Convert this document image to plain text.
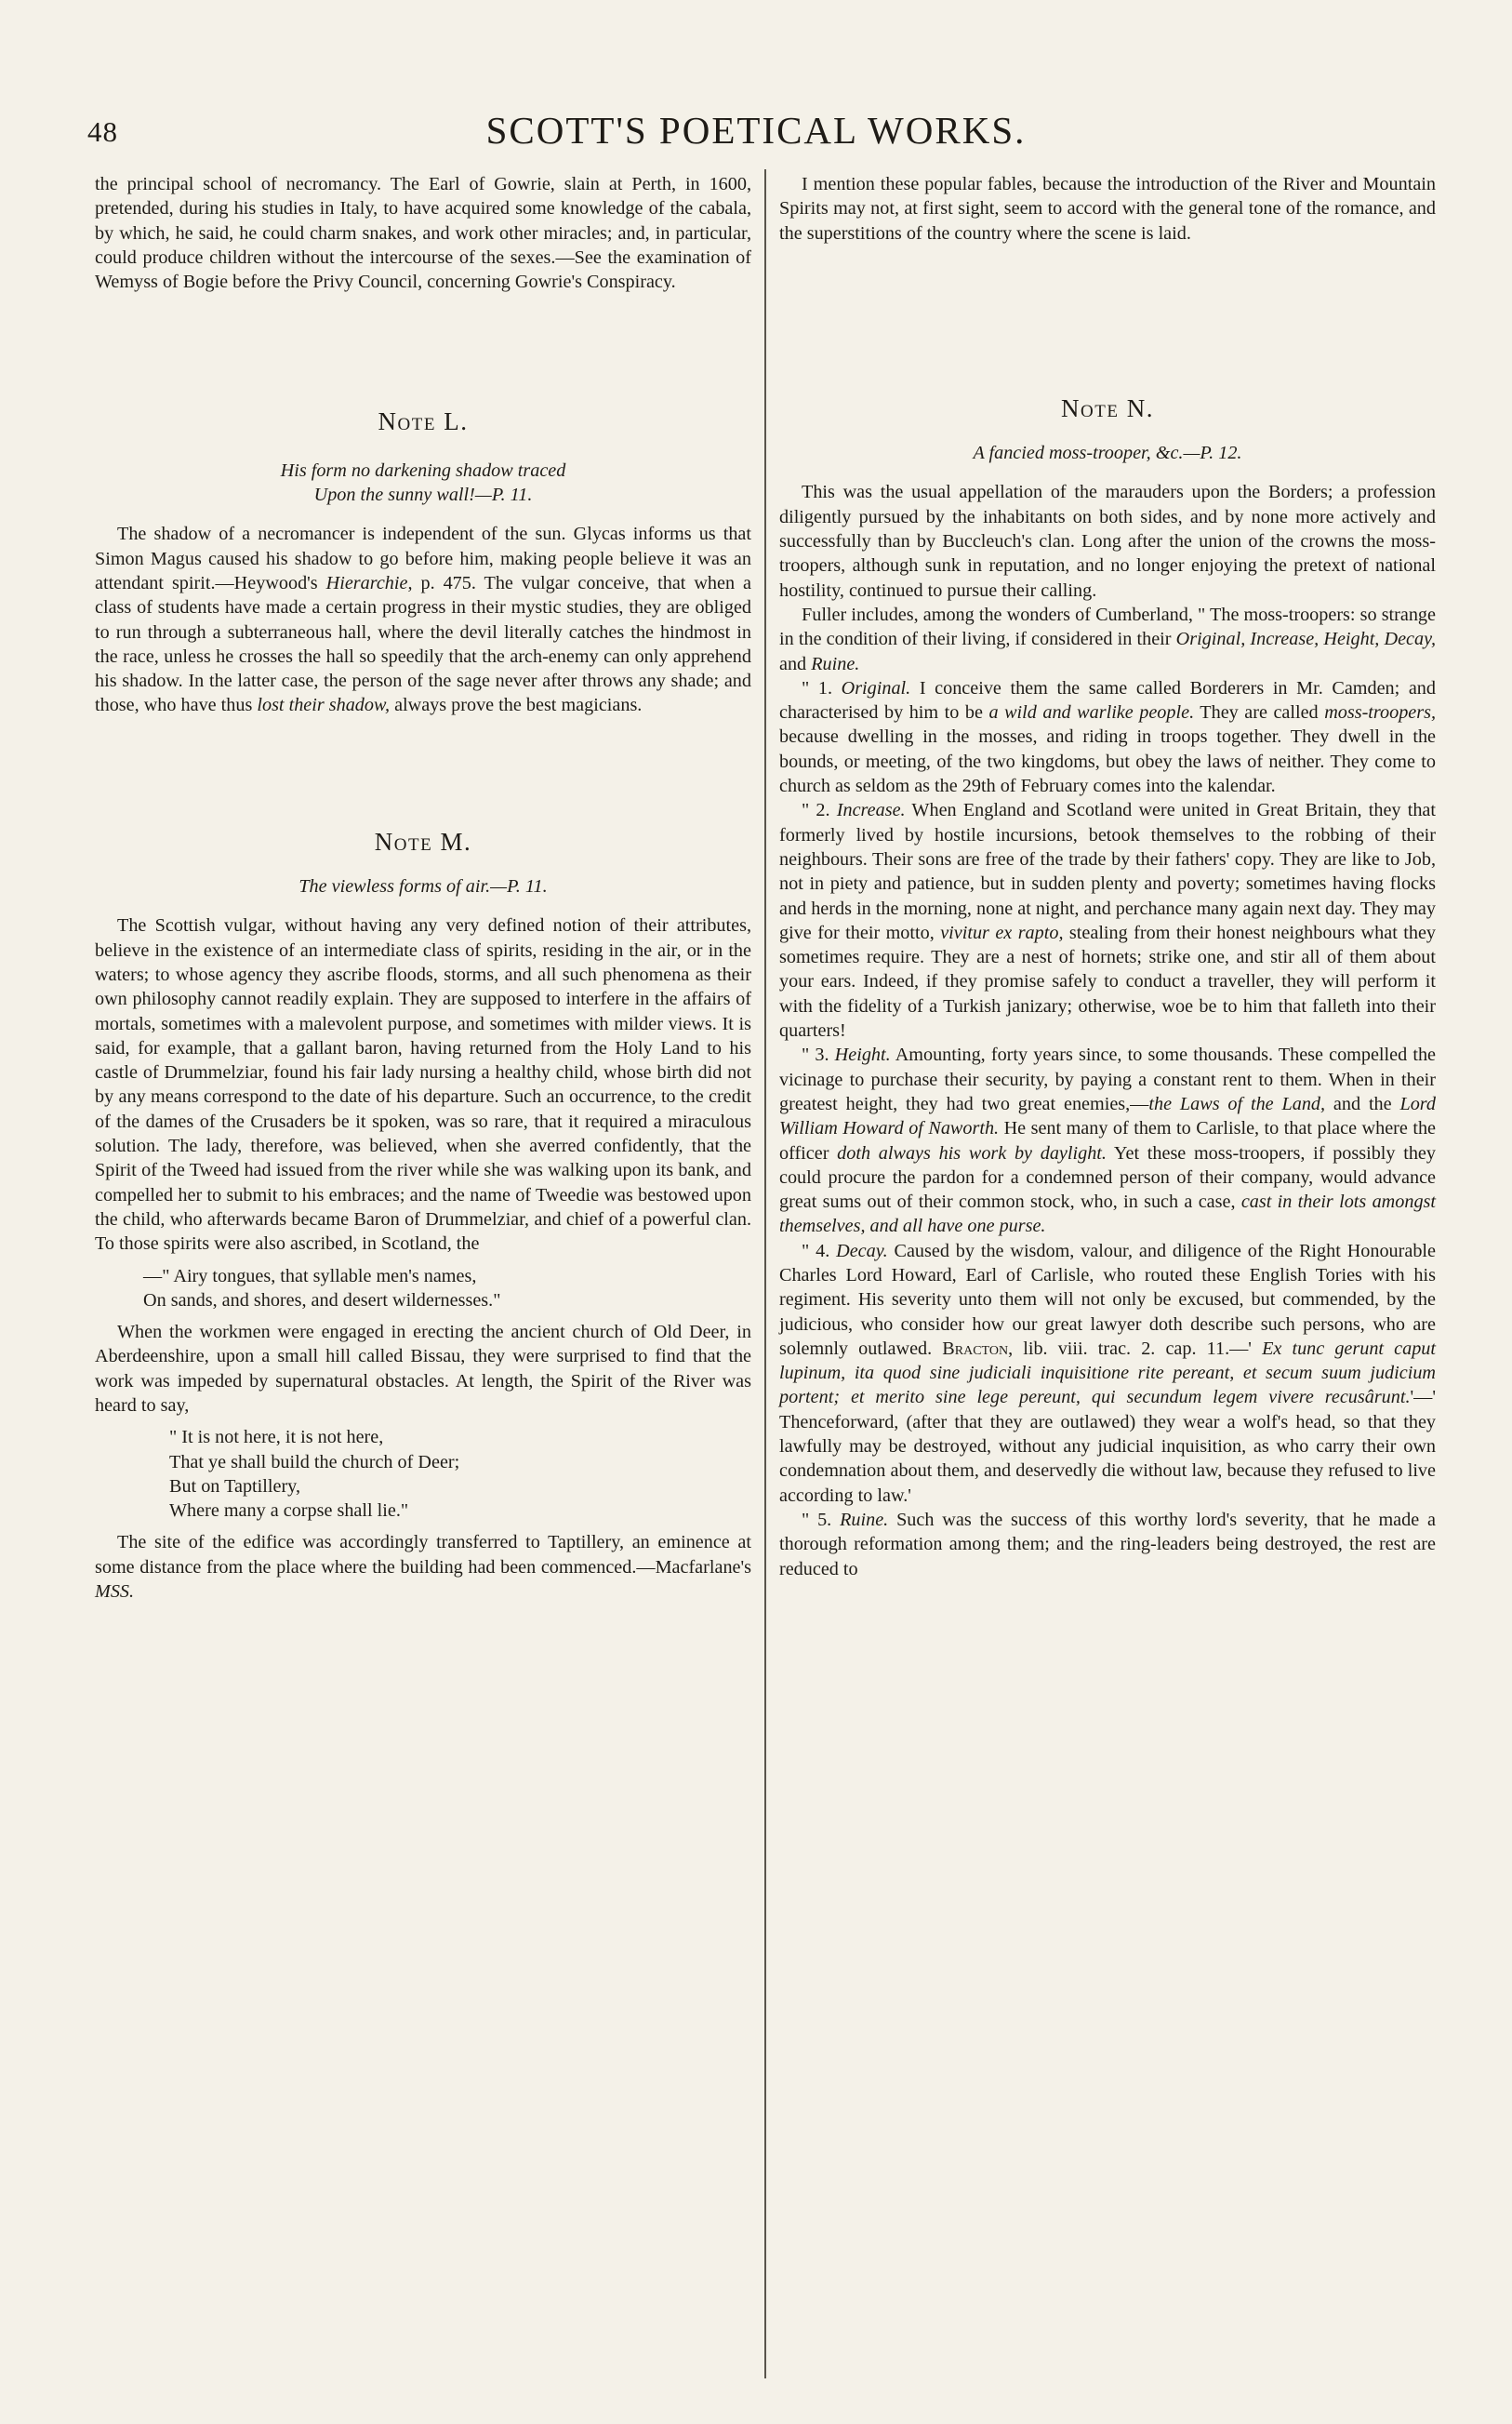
48	SCOTT'S POETICAL WORKS.

the principal school of necromancy. The Earl of Gowrie, slain at Perth, in 1600, pretended, during his studies in Italy, to have acquired some knowledge of the cabala, by which, he said, he could charm snakes, and work other miracles; and, in particular, could produce children without the intercourse of the sexes.—See the examination of Wemyss of Bogie before the Privy Council, concerning Gowrie's Conspiracy.

Note L.

His form no darkening shadow traced

Upon the sunny wall!—P. 11.

The shadow of a necromancer is independent of the sun. Glycas informs us that Simon Magus caused his shadow to go before him, making people believe it was an attendant spirit.—Heywood's Hierarchie, p. 475. The vulgar conceive, that when a class of students have made a certain progress in their mystic studies, they are obliged to run through a subterraneous hall, where the devil literally catches the hindmost in the race, unless he crosses the hall so speedily that the arch-enemy can only apprehend his shadow. In the latter case, the person of the sage never after throws any shade; and those, who have thus lost their shadow, always prove the best magicians.

Note M.

The viewless forms of air.—P. 11.

The Scottish vulgar, without having any very defined notion of their attributes, believe in the existence of an intermediate class of spirits, residing in the air, or in the waters; to whose agency they ascribe floods, storms, and all such phenomena as their own philosophy cannot readily explain. They are supposed to interfere in the affairs of mortals, sometimes with a malevolent purpose, and sometimes with milder views. It is said, for example, that a gallant baron, having returned from the Holy Land to his castle of Drummelziar, found his fair lady nursing a healthy child, whose birth did not by any means correspond to the date of his departure. Such an occurrence, to the credit of the dames of the Crusaders be it spoken, was so rare, that it required a miraculous solution. The lady, therefore, was believed, when she averred confidently, that the Spirit of the Tweed had issued from the river while she was walking upon its bank, and compelled her to submit to his embraces; and the name of Tweedie was bestowed upon the child, who afterwards became Baron of Drummelziar, and chief of a powerful clan. To those spirits were also ascribed, in Scotland, the

—" Airy tongues, that syllable men's names,

On sands, and shores, and desert wildernesses."

When the workmen were engaged in erecting the ancient church of Old Deer, in Aberdeenshire, upon a small hill called Bissau, they were surprised to find that the work was impeded by supernatural obstacles. At length, the Spirit of the River was heard to say,

" It is not here, it is not here,

That ye shall build the church of Deer;

But on Taptillery,

Where many a corpse shall lie."

The site of the edifice was accordingly transferred to Taptillery, an eminence at some distance from the place where the building had been commenced.—Macfarlane's MSS.

I mention these popular fables, because the introduction of the River and Mountain Spirits may not, at first sight, seem to accord with the general tone of the romance, and the superstitions of the country where the scene is laid.

Note N.

A fancied moss-trooper, &c.—P. 12.

This was the usual appellation of the marauders upon the Borders; a profession diligently pursued by the inhabitants on both sides, and by none more actively and successfully than by Buccleuch's clan. Long after the union of the crowns the moss-troopers, although sunk in reputation, and no longer enjoying the pretext of national hostility, continued to pursue their calling.

Fuller includes, among the wonders of Cumberland, " The moss-troopers: so strange in the condition of their living, if considered in their Original, Increase, Height, Decay, and Ruine.

" 1. Original. I conceive them the same called Borderers in Mr. Camden; and characterised by him to be a wild and warlike people. They are called moss-troopers, because dwelling in the mosses, and riding in troops together. They dwell in the bounds, or meeting, of the two kingdoms, but obey the laws of neither. They come to church as seldom as the 29th of February comes into the kalendar.

" 2. Increase. When England and Scotland were united in Great Britain, they that formerly lived by hostile incursions, betook themselves to the robbing of their neighbours. Their sons are free of the trade by their fathers' copy. They are like to Job, not in piety and patience, but in sudden plenty and poverty; sometimes having flocks and herds in the morning, none at night, and perchance many again next day. They may give for their motto, vivitur ex rapto, stealing from their honest neighbours what they sometimes require. They are a nest of hornets; strike one, and stir all of them about your ears. Indeed, if they promise safely to conduct a traveller, they will perform it with the fidelity of a Turkish janizary; otherwise, woe be to him that falleth into their quarters!

" 3. Height. Amounting, forty years since, to some thousands. These compelled the vicinage to purchase their security, by paying a constant rent to them. When in their greatest height, they had two great enemies,—the Laws of the Land, and the Lord William Howard of Naworth. He sent many of them to Carlisle, to that place where the officer doth always his work by daylight. Yet these moss-troopers, if possibly they could procure the pardon for a condemned person of their company, would advance great sums out of their common stock, who, in such a case, cast in their lots amongst themselves, and all have one purse.

" 4. Decay. Caused by the wisdom, valour, and diligence of the Right Honourable Charles Lord Howard, Earl of Carlisle, who routed these English Tories with his regiment. His severity unto them will not only be excused, but commended, by the judicious, who consider how our great lawyer doth describe such persons, who are solemnly outlawed. Bracton, lib. viii. trac. 2. cap. 11.—' Ex tunc gerunt caput lupinum, ita quod sine judiciali inquisitione rite pereant, et secum suum judicium portent; et merito sine lege pereunt, qui secundum legem vivere recusârunt.'—' Thenceforward, (after that they are outlawed) they wear a wolf's head, so that they lawfully may be destroyed, without any judicial inquisition, as who carry their own condemnation about them, and deservedly die without law, because they refused to live according to law.'

" 5. Ruine. Such was the success of this worthy lord's severity, that he made a thorough reformation among them; and the ring-leaders being destroyed, the rest are reduced to
